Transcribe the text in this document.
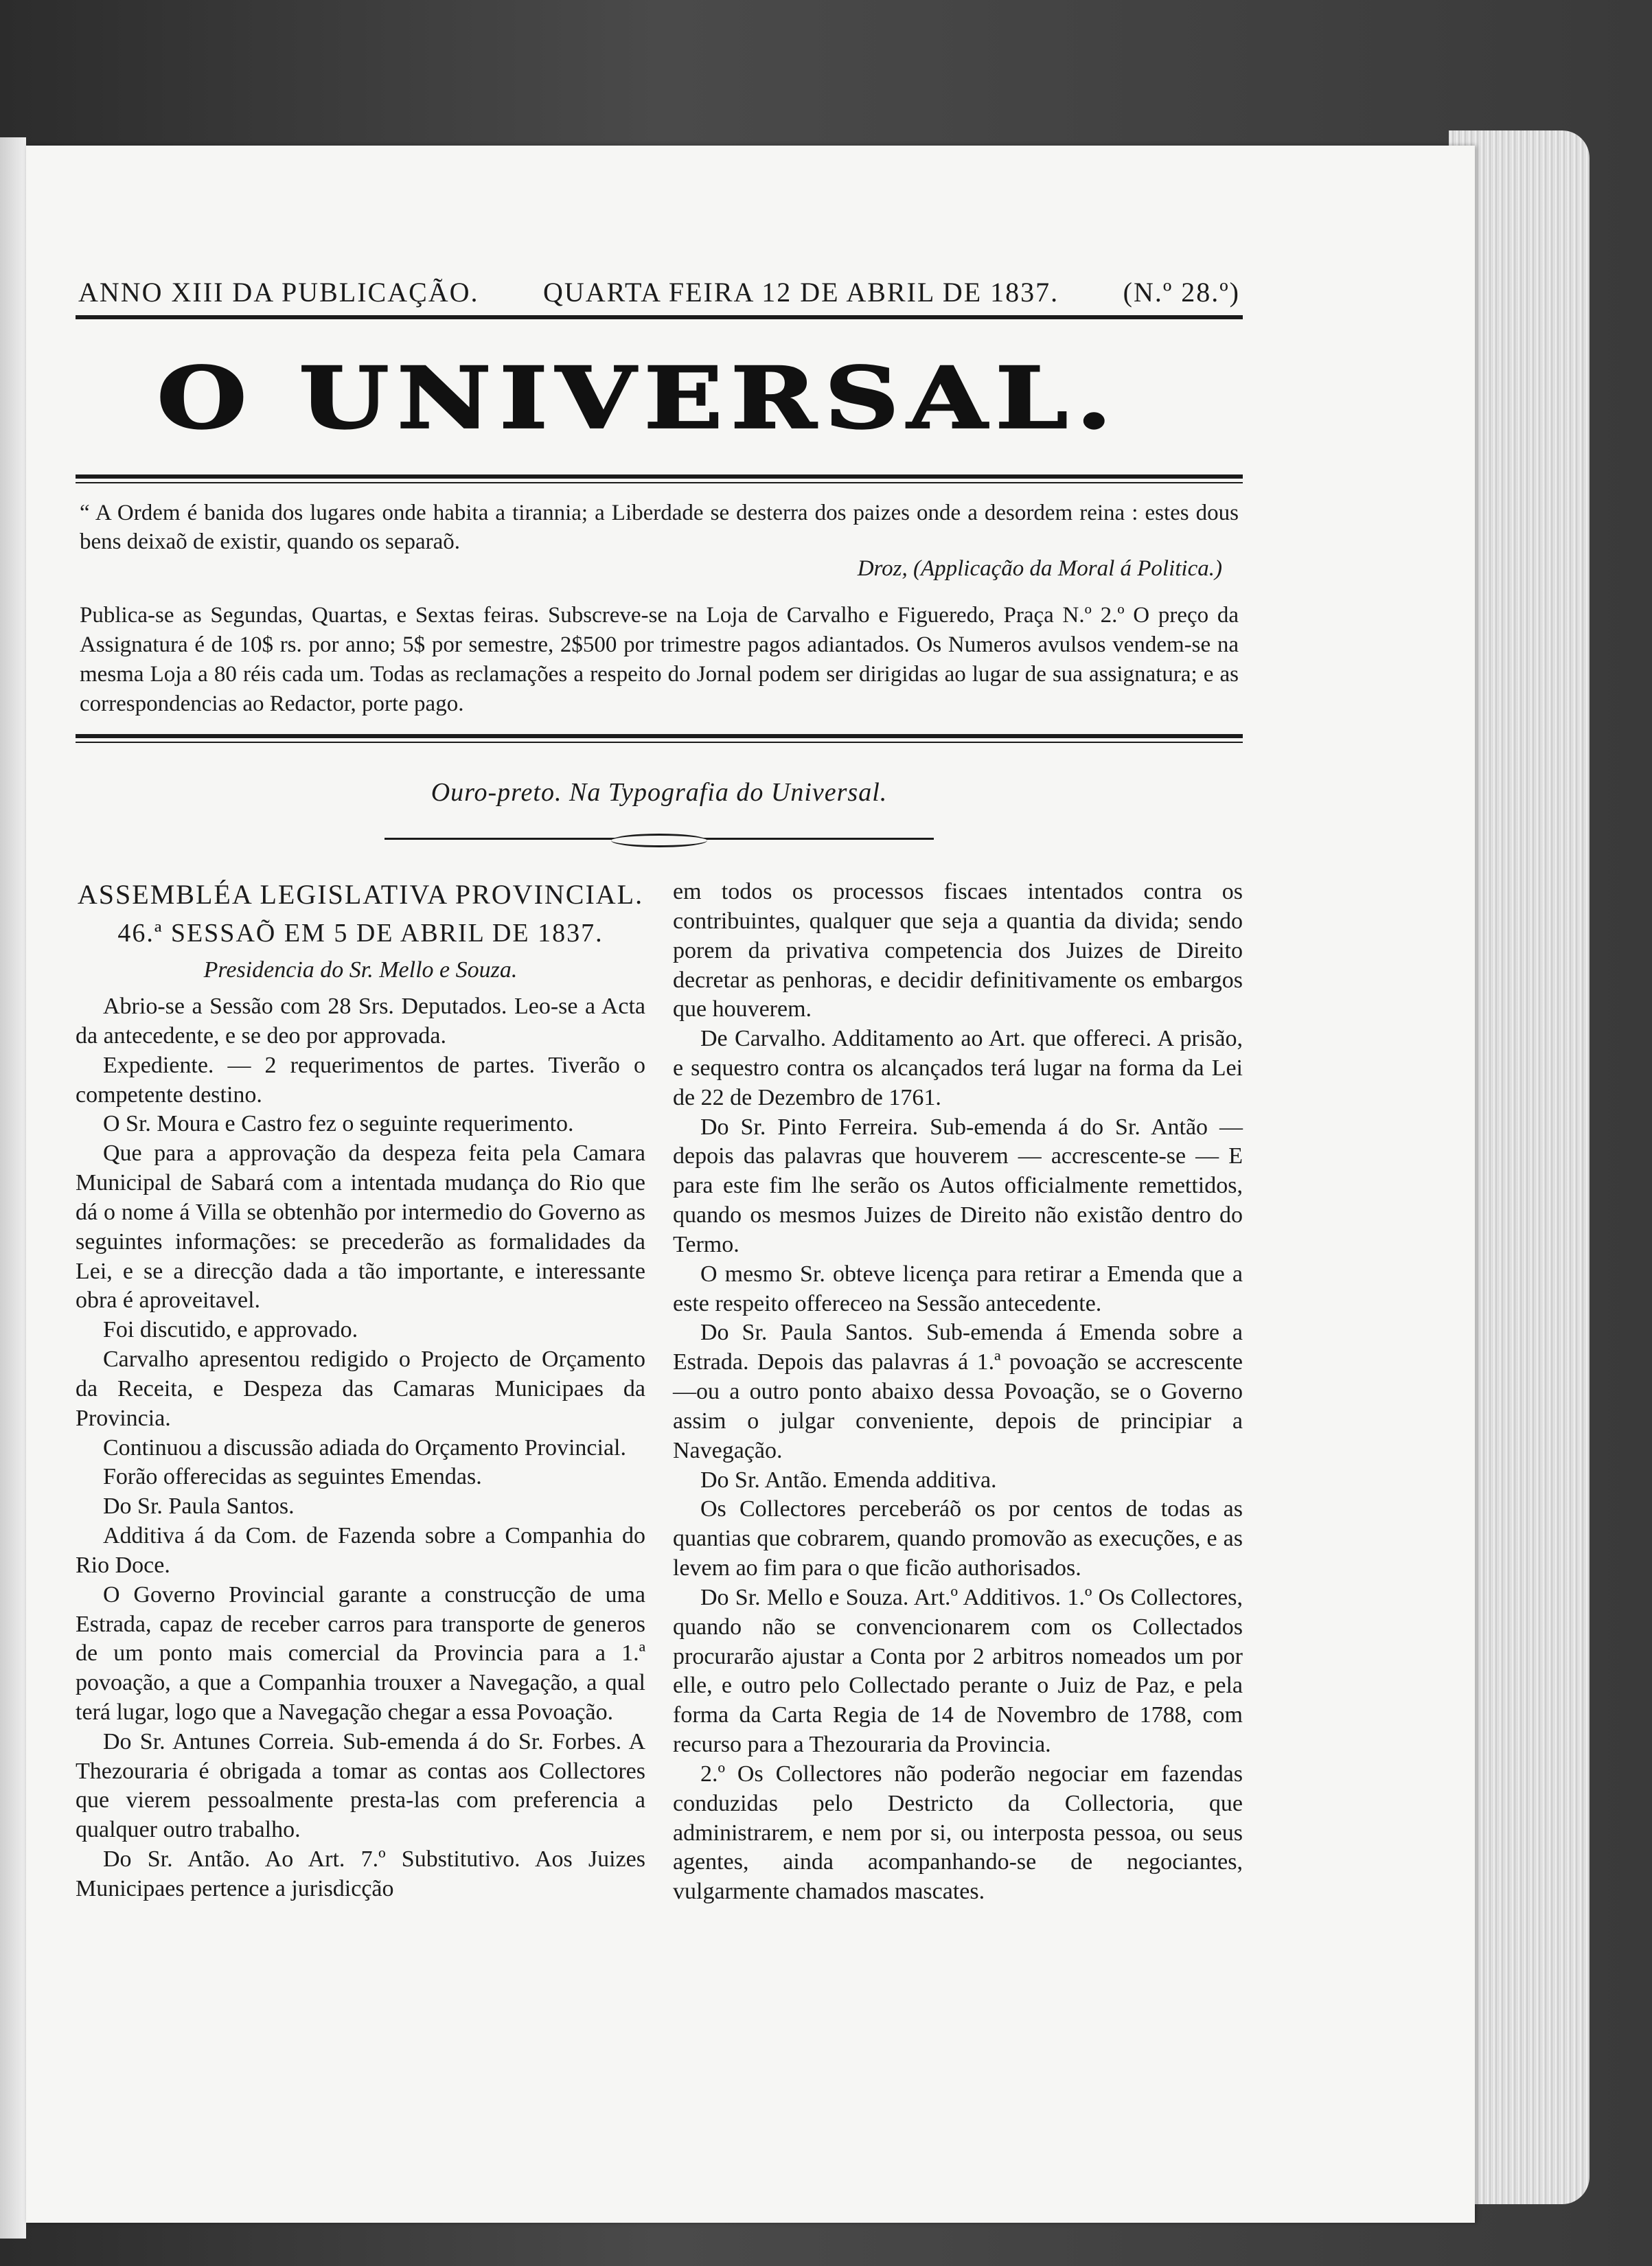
ANNO XIII DA PUBLICAÇÃO. QUARTA FEIRA 12 DE ABRIL DE 1837. (N.º 28.º)
O UNIVERSAL.
“ A Ordem é banida dos lugares onde habita a tirannia; a Liberdade se desterra dos paizes onde a desordem reina : estes dous bens deixaõ de existir, quando os separaõ.
Droz, (Applicação da Moral á Politica.)
Publica-se as Segundas, Quartas, e Sextas feiras. Subscreve-se na Loja de Carvalho e Figueredo, Praça N.º 2.º O preço da Assignatura é de 10$ rs. por anno; 5$ por semestre, 2$500 por trimestre pagos adiantados. Os Numeros avulsos vendem-se na mesma Loja a 80 réis cada um. Todas as reclamações a respeito do Jornal podem ser dirigidas ao lugar de sua assignatura; e as correspondencias ao Redactor, porte pago.
Ouro-preto. Na Typografia do Universal.

ASSEMBLÉA LEGISLATIVA PROVINCIAL.

46.ª SESSAÕ EM 5 DE ABRIL DE 1837.

Presidencia do Sr. Mello e Souza.

Abrio-se a Sessão com 28 Srs. Deputados. Leo-se a Acta da antecedente, e se deo por approvada.

Expediente. — 2 requerimentos de partes. Tiverão o competente destino.

O Sr. Moura e Castro fez o seguinte requerimento.

Que para a approvação da despeza feita pela Camara Municipal de Sabará com a intentada mudança do Rio que dá o nome á Villa se obtenhão por intermedio do Governo as seguintes informações: se precederão as formalidades da Lei, e se a direcção dada a tão importante, e interessante obra é aproveitavel.

Foi discutido, e approvado.

Carvalho apresentou redigido o Projecto de Orçamento da Receita, e Despeza das Camaras Municipaes da Provincia.

Continuou a discussão adiada do Orçamento Provincial.

Forão offerecidas as seguintes Emendas.

Do Sr. Paula Santos.

Additiva á da Com. de Fazenda sobre a Companhia do Rio Doce.

O Governo Provincial garante a construcção de uma Estrada, capaz de receber carros para transporte de generos de um ponto mais comercial da Provincia para a 1.ª povoação, a que a Companhia trouxer a Navegação, a qual terá lugar, logo que a Navegação chegar a essa Povoação.

Do Sr. Antunes Correia. Sub-emenda á do Sr. Forbes. A Thezouraria é obrigada a tomar as contas aos Collectores que vierem pessoalmente presta-las com preferencia a qualquer outro trabalho.

Do Sr. Antão. Ao Art. 7.º Substitutivo. Aos Juizes Municipaes pertence a jurisdicção

em todos os processos fiscaes intentados contra os contribuintes, qualquer que seja a quantia da divida; sendo porem da privativa competencia dos Juizes de Direito decretar as penhoras, e decidir definitivamente os embargos que houverem.

De Carvalho. Additamento ao Art. que offereci. A prisão, e sequestro contra os alcançados terá lugar na forma da Lei de 22 de Dezembro de 1761.

Do Sr. Pinto Ferreira. Sub-emenda á do Sr. Antão — depois das palavras que houverem — accrescente-se — E para este fim lhe serão os Autos officialmente remettidos, quando os mesmos Juizes de Direito não existão dentro do Termo.

O mesmo Sr. obteve licença para retirar a Emenda que a este respeito offereceo na Sessão antecedente.

Do Sr. Paula Santos. Sub-emenda á Emenda sobre a Estrada. Depois das palavras á 1.ª povoação se accrescente—ou a outro ponto abaixo dessa Povoação, se o Governo assim o julgar conveniente, depois de principiar a Navegação.

Do Sr. Antão. Emenda additiva.

Os Collectores perceberáõ os por centos de todas as quantias que cobrarem, quando promovão as execuções, e as levem ao fim para o que ficão authorisados.

Do Sr. Mello e Souza. Art.º Additivos. 1.º Os Collectores, quando não se convencionarem com os Collectados procurarão ajustar a Conta por 2 arbitros nomeados um por elle, e outro pelo Collectado perante o Juiz de Paz, e pela forma da Carta Regia de 14 de Novembro de 1788, com recurso para a Thezouraria da Provincia.

2.º Os Collectores não poderão negociar em fazendas conduzidas pelo Destricto da Collectoria, que administrarem, e nem por si, ou interposta pessoa, ou seus agentes, ainda acompanhando-se de negociantes, vulgarmente chamados mascates.
